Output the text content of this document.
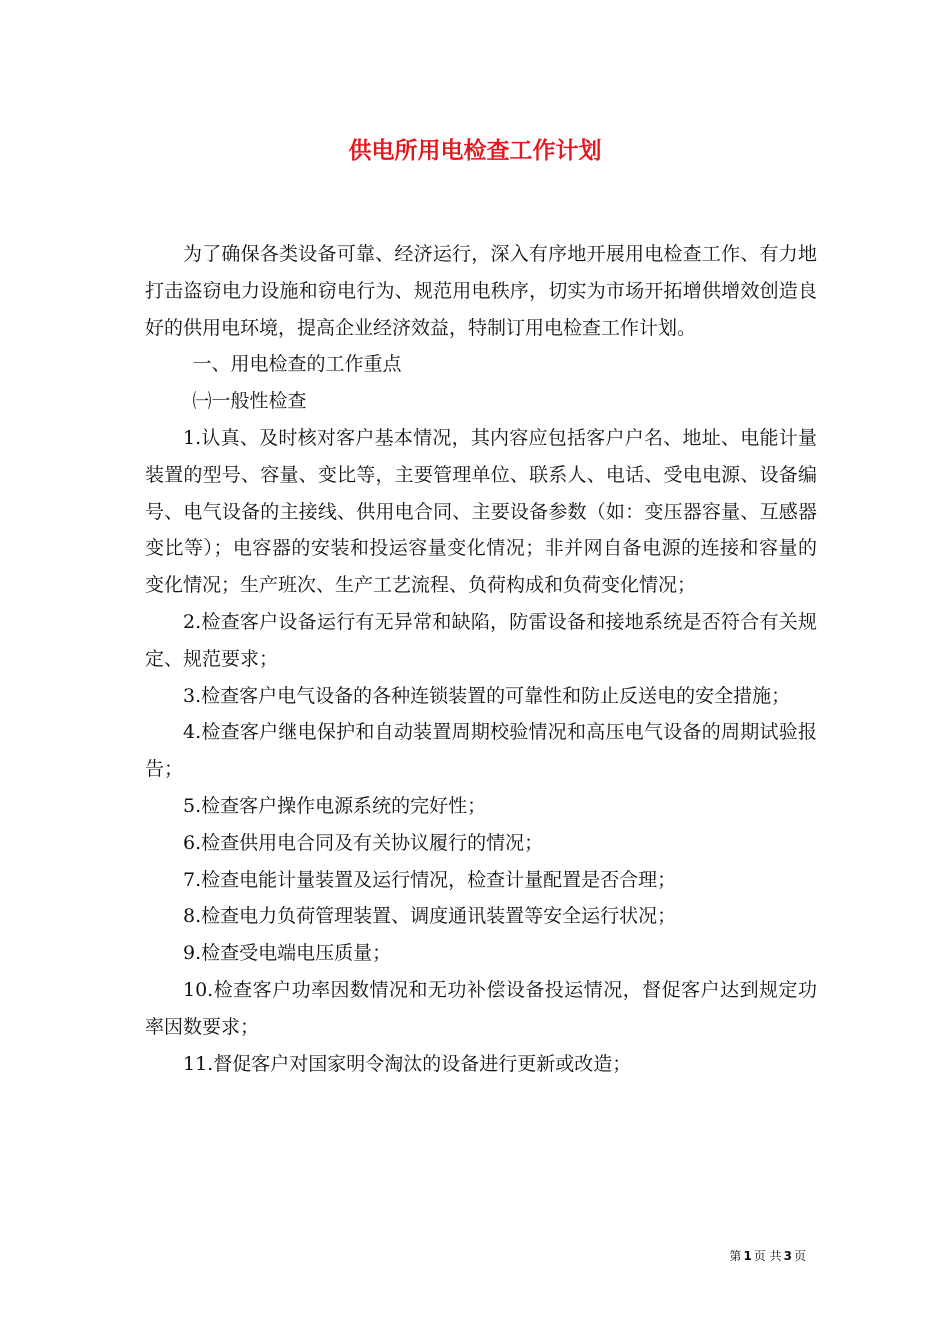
供电所用电检查工作计划

为了确保各类设备可靠、经济运行，深入有序地开展用电检查工作、有力地打击盗窃电力设施和窃电行为、规范用电秩序，切实为市场开拓增供增效创造良好的供用电环境，提高企业经济效益，特制订用电检查工作计划。

一、用电检查的工作重点

㈠一般性检查

1.认真、及时核对客户基本情况，其内容应包括客户户名、地址、电能计量装置的型号、容量、变比等，主要管理单位、联系人、电话、受电电源、设备编号、电气设备的主接线、供用电合同、主要设备参数（如：变压器容量、互感器变比等）；电容器的安装和投运容量变化情况；非并网自备电源的连接和容量的变化情况；生产班次、生产工艺流程、负荷构成和负荷变化情况；

2.检查客户设备运行有无异常和缺陷，防雷设备和接地系统是否符合有关规定、规范要求；

3.检查客户电气设备的各种连锁装置的可靠性和防止反送电的安全措施；

4.检查客户继电保护和自动装置周期校验情况和高压电气设备的周期试验报告；

5.检查客户操作电源系统的完好性；

6.检查供用电合同及有关协议履行的情况；

7.检查电能计量装置及运行情况，检查计量配置是否合理；

8.检查电力负荷管理装置、调度通讯装置等安全运行状况；

9.检查受电端电压质量；

10.检查客户功率因数情况和无功补偿设备投运情况，督促客户达到规定功率因数要求；

11.督促客户对国家明令淘汰的设备进行更新或改造；

第 1 页 共 3 页
